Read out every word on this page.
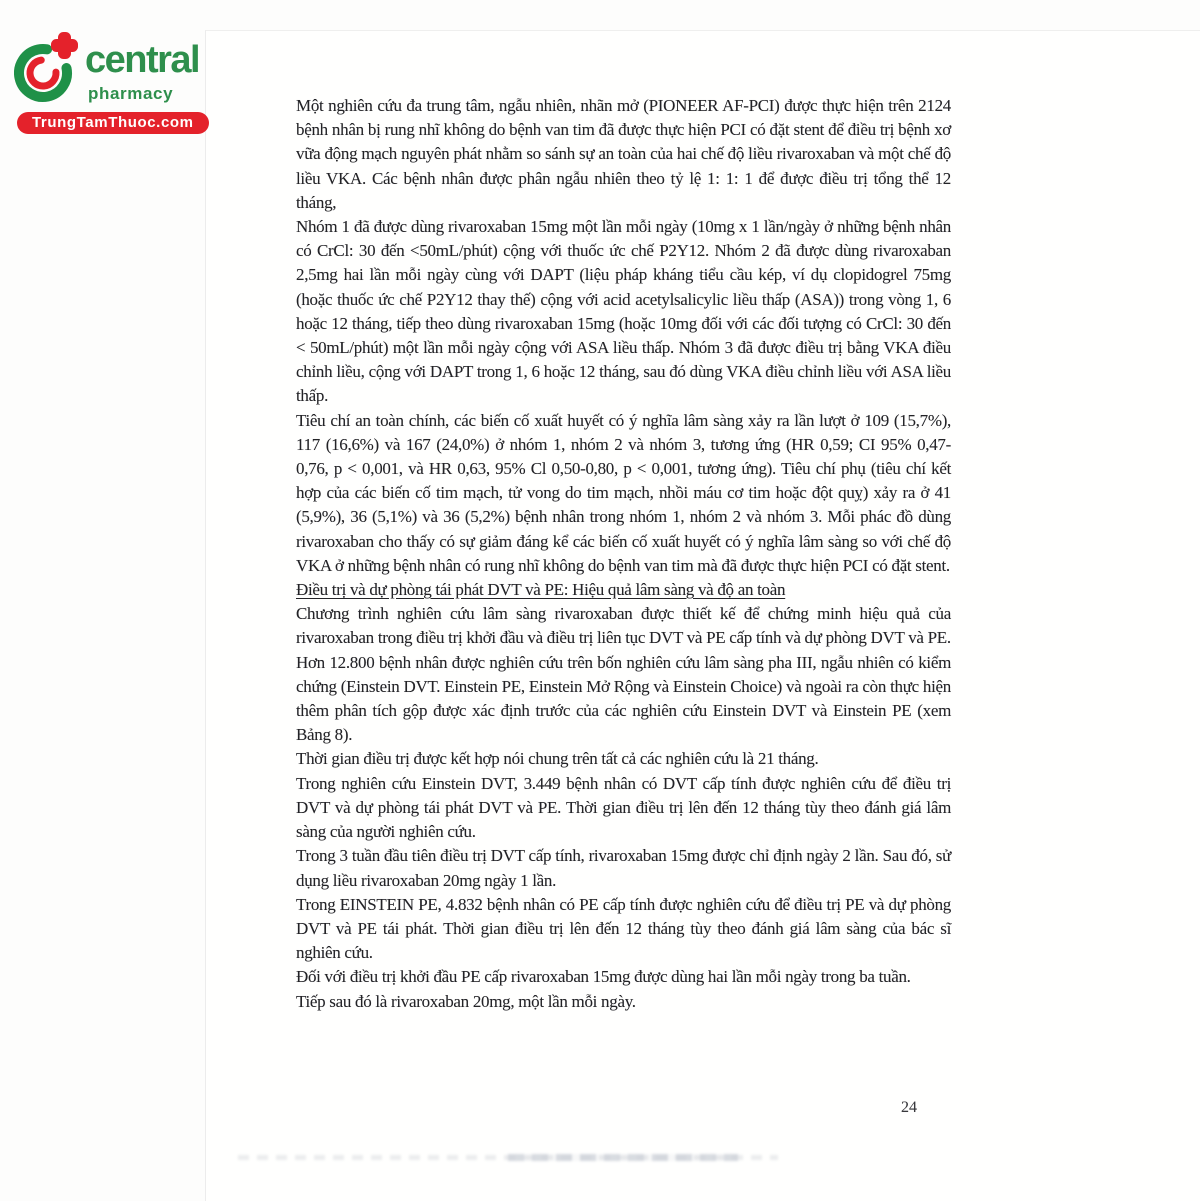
central
pharmacy
TrungTamThuoc.com
Một nghiên cứu đa trung tâm, ngẫu nhiên, nhãn mở (PIONEER AF-PCI) được thực hiện trên 2124 bệnh nhân bị rung nhĩ không do bệnh van tim đã được thực hiện PCI có đặt stent để điều trị bệnh xơ vữa động mạch nguyên phát nhằm so sánh sự an toàn của hai chế độ liều rivaroxaban và một chế độ liều VKA. Các bệnh nhân được phân ngẫu nhiên theo tỷ lệ 1: 1: 1 để được điều trị tổng thể 12 tháng,
Nhóm 1 đã được dùng rivaroxaban 15mg một lần mỗi ngày (10mg x 1 lần/ngày ở những bệnh nhân có CrCl: 30 đến <50mL/phút) cộng với thuốc ức chế P2Y12. Nhóm 2 đã được dùng rivaroxaban 2,5mg hai lần mỗi ngày cùng với DAPT (liệu pháp kháng tiểu cầu kép, ví dụ clopidogrel 75mg (hoặc thuốc ức chế P2Y12 thay thế) cộng với acid acetylsalicylic liều thấp (ASA)) trong vòng 1, 6 hoặc 12 tháng, tiếp theo dùng rivaroxaban 15mg (hoặc 10mg đối với các đối tượng có CrCl: 30 đến < 50mL/phút) một lần mỗi ngày cộng với ASA liều thấp. Nhóm 3 đã được điều trị bằng VKA điều chỉnh liều, cộng với DAPT trong 1, 6 hoặc 12 tháng, sau đó dùng VKA điều chỉnh liều với ASA liều thấp.
Tiêu chí an toàn chính, các biến cố xuất huyết có ý nghĩa lâm sàng xảy ra lần lượt ở 109 (15,7%), 117 (16,6%) và 167 (24,0%) ở nhóm 1, nhóm 2 và nhóm 3, tương ứng (HR 0,59; CI 95% 0,47- 0,76, p < 0,001, và HR 0,63, 95% Cl 0,50-0,80, p < 0,001, tương ứng). Tiêu chí phụ (tiêu chí kết hợp của các biến cố tim mạch, tử vong do tim mạch, nhồi máu cơ tim hoặc đột quỵ) xảy ra ở 41 (5,9%), 36 (5,1%) và 36 (5,2%) bệnh nhân trong nhóm 1, nhóm 2 và nhóm 3. Mỗi phác đồ dùng rivaroxaban cho thấy có sự giảm đáng kể các biến cố xuất huyết có ý nghĩa lâm sàng so với chế độ VKA ở những bệnh nhân có rung nhĩ không do bệnh van tim mà đã được thực hiện PCI có đặt stent.
Điều trị và dự phòng tái phát DVT và PE: Hiệu quả lâm sàng và độ an toàn
Chương trình nghiên cứu lâm sàng rivaroxaban được thiết kế để chứng minh hiệu quả của rivaroxaban trong điều trị khởi đầu và điều trị liên tục DVT và PE cấp tính và dự phòng DVT và PE.
Hơn 12.800 bệnh nhân được nghiên cứu trên bốn nghiên cứu lâm sàng pha III, ngẫu nhiên có kiểm chứng (Einstein DVT. Einstein PE, Einstein Mở Rộng và Einstein Choice) và ngoài ra còn thực hiện thêm phân tích gộp được xác định trước của các nghiên cứu Einstein DVT và Einstein PE (xem Bảng 8).
Thời gian điều trị được kết hợp nói chung trên tất cả các nghiên cứu là 21 tháng.
Trong nghiên cứu Einstein DVT, 3.449 bệnh nhân có DVT cấp tính được nghiên cứu để điều trị DVT và dự phòng tái phát DVT và PE. Thời gian điều trị lên đến 12 tháng tùy theo đánh giá lâm sàng của người nghiên cứu.
Trong 3 tuần đầu tiên điều trị DVT cấp tính, rivaroxaban 15mg được chỉ định ngày 2 lần. Sau đó, sử dụng liều rivaroxaban 20mg ngày 1 lần.
Trong EINSTEIN PE, 4.832 bệnh nhân có PE cấp tính được nghiên cứu để điều trị PE và dự phòng DVT và PE tái phát. Thời gian điều trị lên đến 12 tháng tùy theo đánh giá lâm sàng của bác sĩ nghiên cứu.
Đối với điều trị khởi đầu PE cấp rivaroxaban 15mg được dùng hai lần mỗi ngày trong ba tuần.
Tiếp sau đó là rivaroxaban 20mg, một lần mỗi ngày.
24
